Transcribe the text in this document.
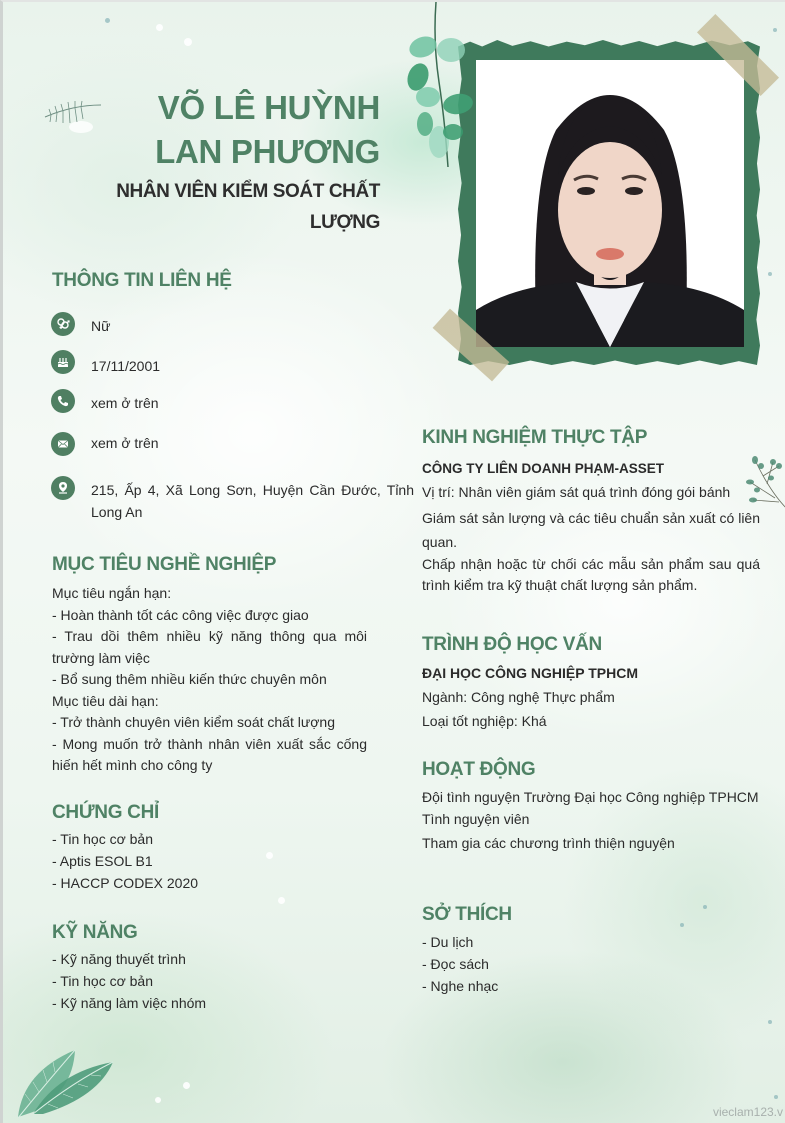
VÕ LÊ HUỲNH
LAN PHƯƠNG
NHÂN VIÊN KIỂM SOÁT CHẤT
LƯỢNG
THÔNG TIN LIÊN HỆ
Nữ
17/11/2001
xem ở trên
xem ở trên
215, Ấp 4, Xã Long Sơn, Huyện Cần Đước, Tỉnh Long An
MỤC TIÊU NGHỀ NGHIỆP
Mục tiêu ngắn hạn:
- Hoàn thành tốt các công việc được giao
- Trau dồi thêm nhiều kỹ năng thông qua môi trường làm việc
- Bổ sung thêm nhiều kiến thức chuyên môn
Mục tiêu dài hạn:
- Trở thành chuyên viên kiểm soát chất lượng
- Mong muốn trở thành nhân viên xuất sắc cống hiến hết mình cho công ty
CHỨNG CHỈ
- Tin học cơ bản
- Aptis ESOL B1
- HACCP CODEX 2020
KỸ NĂNG
- Kỹ năng thuyết trình
- Tin học cơ bản
- Kỹ năng làm việc nhóm
KINH NGHIỆM THỰC TẬP
CÔNG TY LIÊN DOANH PHẠM-ASSET
Vị trí: Nhân viên giám sát quá trình đóng gói bánh
Giám sát sản lượng và các tiêu chuẩn sản xuất có liên quan.
Chấp nhận hoặc từ chối các mẫu sản phẩm sau quá trình kiểm tra kỹ thuật chất lượng sản phẩm.
TRÌNH ĐỘ HỌC VẤN
ĐẠI HỌC CÔNG NGHIỆP TPHCM
Ngành: Công nghệ Thực phẩm
Loại tốt nghiệp: Khá
HOẠT ĐỘNG
Đội tình nguyện Trường Đại học Công nghiệp TPHCM
Tình nguyện viên
Tham gia các chương trình thiện nguyện
SỞ THÍCH
- Du lịch
- Đọc sách
- Nghe nhạc
vieclam123.v
